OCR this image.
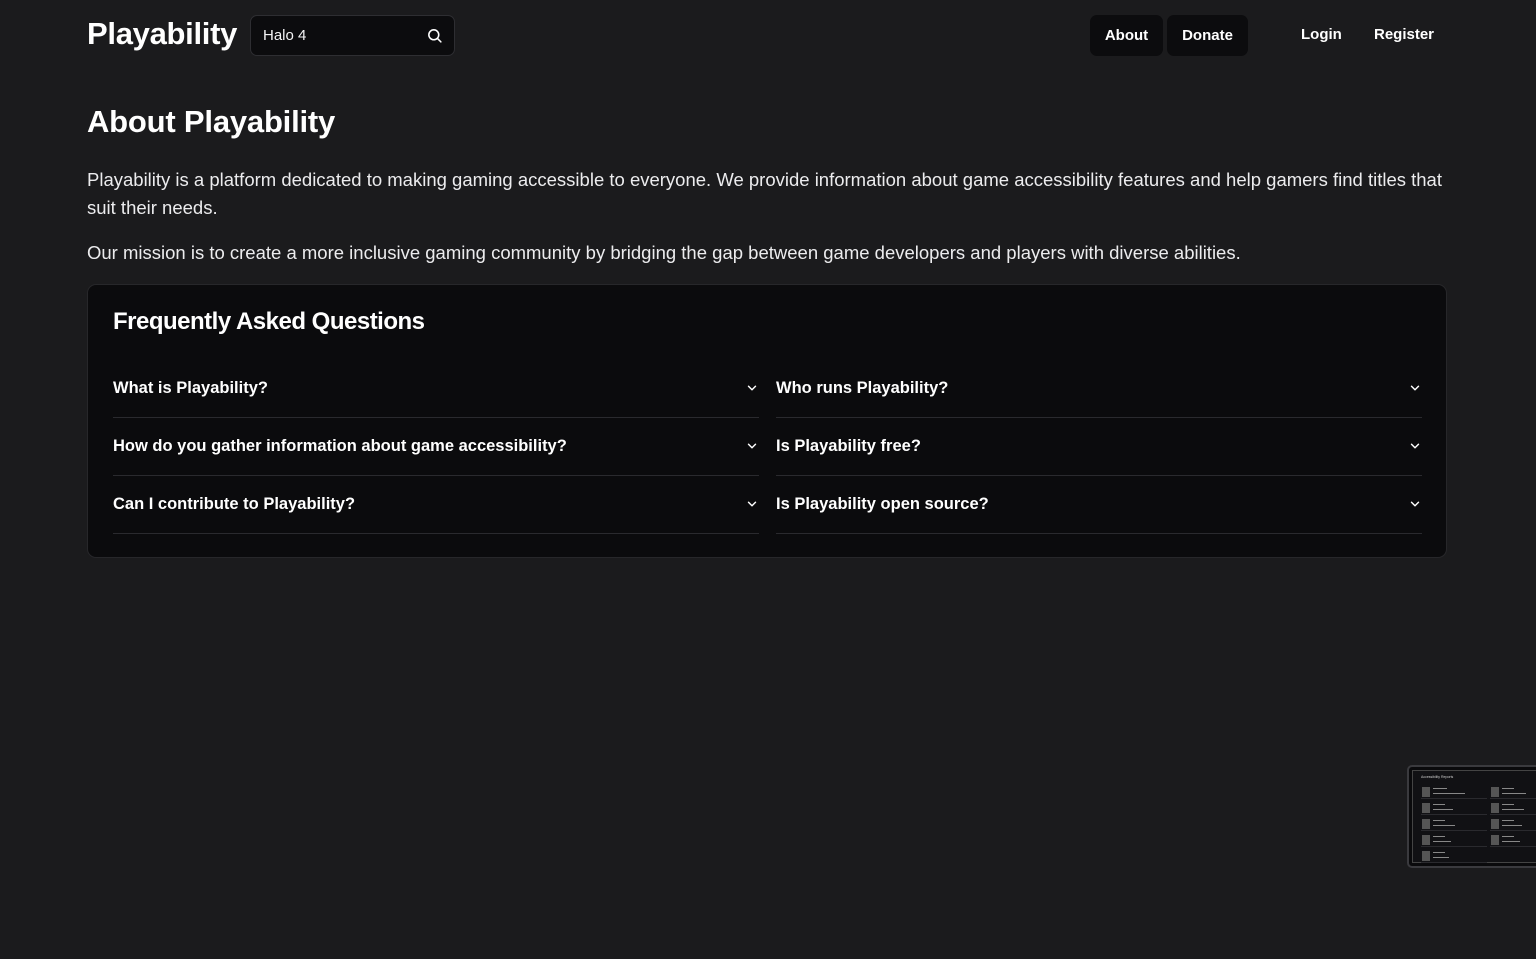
Playability
Halo 4	About	Donate	Login Register
About Playability

Playability is a platform dedicated to making gaming accessible to everyone. We provide information about game accessibility features and help gamers find titles that suit their needs.

Our mission is to create a more inclusive gaming community by bridging the gap between game developers and players with diverse abilities.

Frequently Asked Questions
What is Playability?	Who runs Playability?
How do you gather information about game accessibility?	Is Playability free?
Can I contribute to Playability?	Is Playability open source?
Accessibility Reports
